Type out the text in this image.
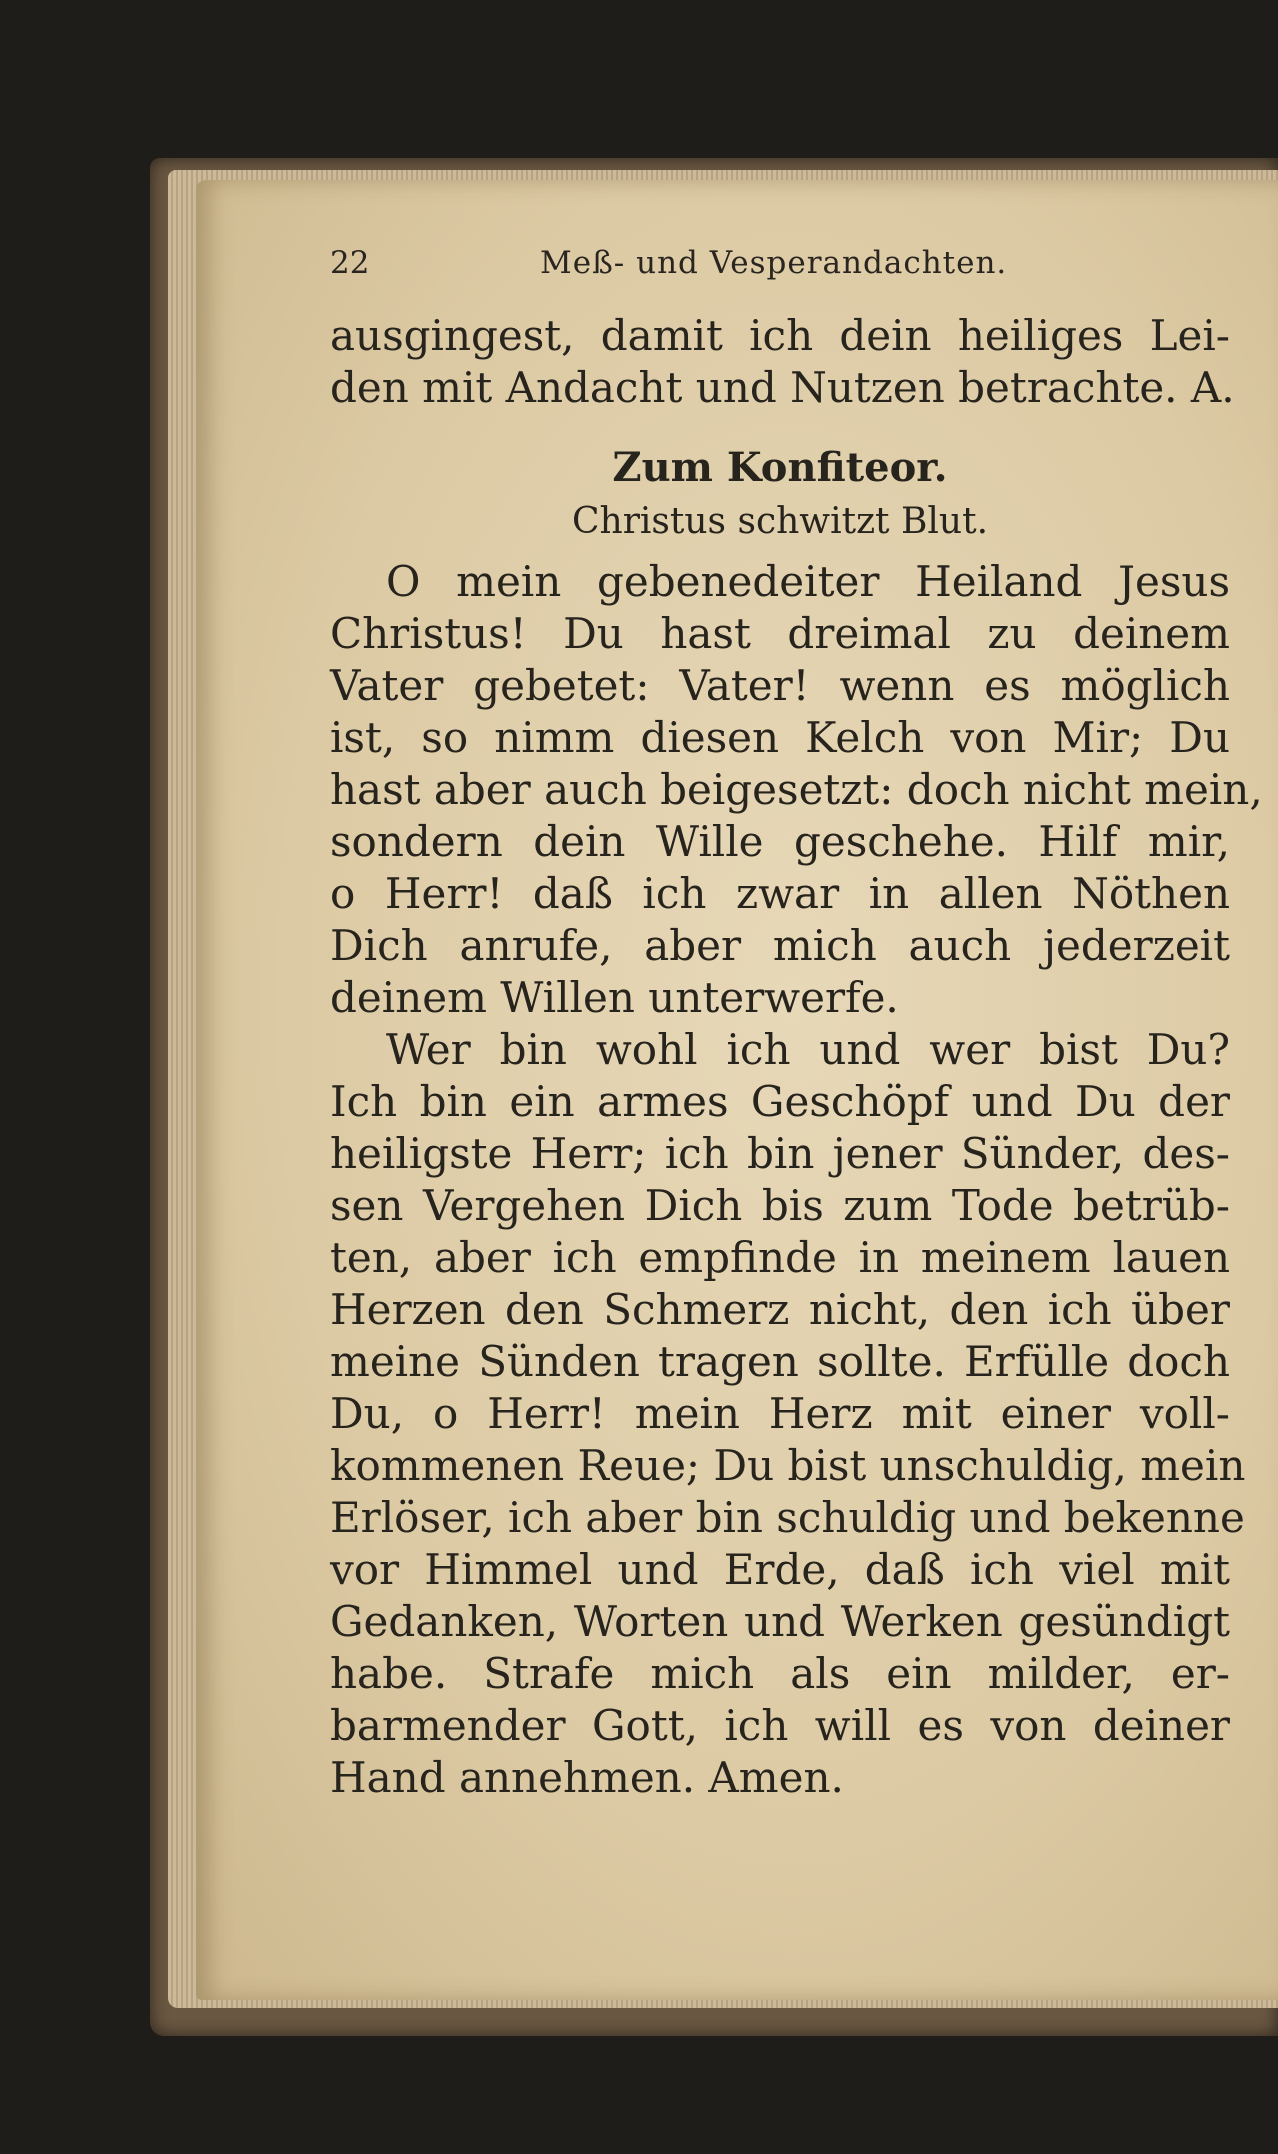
22	Meß- und Vesperandachten.
ausgingest, damit ich dein heiliges Lei-
den mit Andacht und Nutzen betrachte. A.
Zum Konfiteor.
Christus schwitzt Blut.
O mein gebenedeiter Heiland Jesus
Christus! Du hast dreimal zu deinem
Vater gebetet: Vater! wenn es möglich
ist, so nimm diesen Kelch von Mir; Du
hast aber auch beigesetzt: doch nicht mein,
sondern dein Wille geschehe. Hilf mir,
o Herr! daß ich zwar in allen Nöthen
Dich anrufe, aber mich auch jederzeit
deinem Willen unterwerfe.
Wer bin wohl ich und wer bist Du?
Ich bin ein armes Geschöpf und Du der
heiligste Herr; ich bin jener Sünder, des-
sen Vergehen Dich bis zum Tode betrüb-
ten, aber ich empfinde in meinem lauen
Herzen den Schmerz nicht, den ich über
meine Sünden tragen sollte. Erfülle doch
Du, o Herr! mein Herz mit einer voll-
kommenen Reue; Du bist unschuldig, mein
Erlöser, ich aber bin schuldig und bekenne
vor Himmel und Erde, daß ich viel mit
Gedanken, Worten und Werken gesündigt
habe. Strafe mich als ein milder, er-
barmender Gott, ich will es von deiner
Hand annehmen. Amen.
